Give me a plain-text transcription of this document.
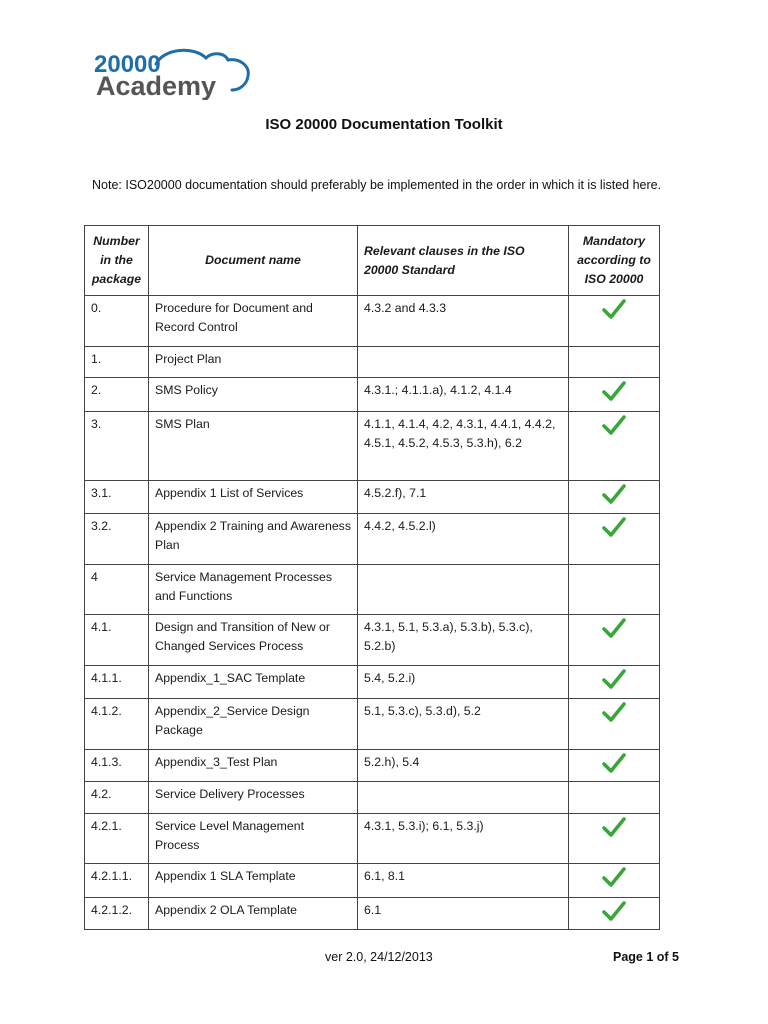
20000
Academy
ISO 20000 Documentation Toolkit
Note: ISO20000 documentation should preferably be implemented in the order in which it is listed here.
Number in the package	Document name	Relevant clauses in the ISO 20000 Standard	Mandatory according to ISO 20000
0.	Procedure for Document and Record Control	4.3.2 and 4.3.3	
1.	Project Plan		
2.	SMS Policy	4.3.1.; 4.1.1.a), 4.1.2, 4.1.4	
3.	SMS Plan	4.1.1, 4.1.4, 4.2, 4.3.1, 4.4.1, 4.4.2, 4.5.1, 4.5.2, 4.5.3, 5.3.h), 6.2	
3.1.	Appendix 1 List of Services	4.5.2.f), 7.1	
3.2.	Appendix 2 Training and Awareness Plan	4.4.2, 4.5.2.l)	
4	Service Management Processes and Functions		
4.1.	Design and Transition of New or Changed Services Process	4.3.1, 5.1, 5.3.a), 5.3.b), 5.3.c), 5.2.b)	
4.1.1.	Appendix_1_SAC Template	5.4, 5.2.i)	
4.1.2.	Appendix_2_Service Design Package	5.1, 5.3.c), 5.3.d), 5.2	
4.1.3.	Appendix_3_Test Plan	5.2.h), 5.4	
4.2.	Service Delivery Processes		
4.2.1.	Service Level Management Process	4.3.1, 5.3.i); 6.1, 5.3.j)	
4.2.1.1.	Appendix 1 SLA Template	6.1, 8.1	
4.2.1.2.	Appendix 2 OLA Template	6.1	
ver 2.0, 24/12/2013	Page 1 of 5
